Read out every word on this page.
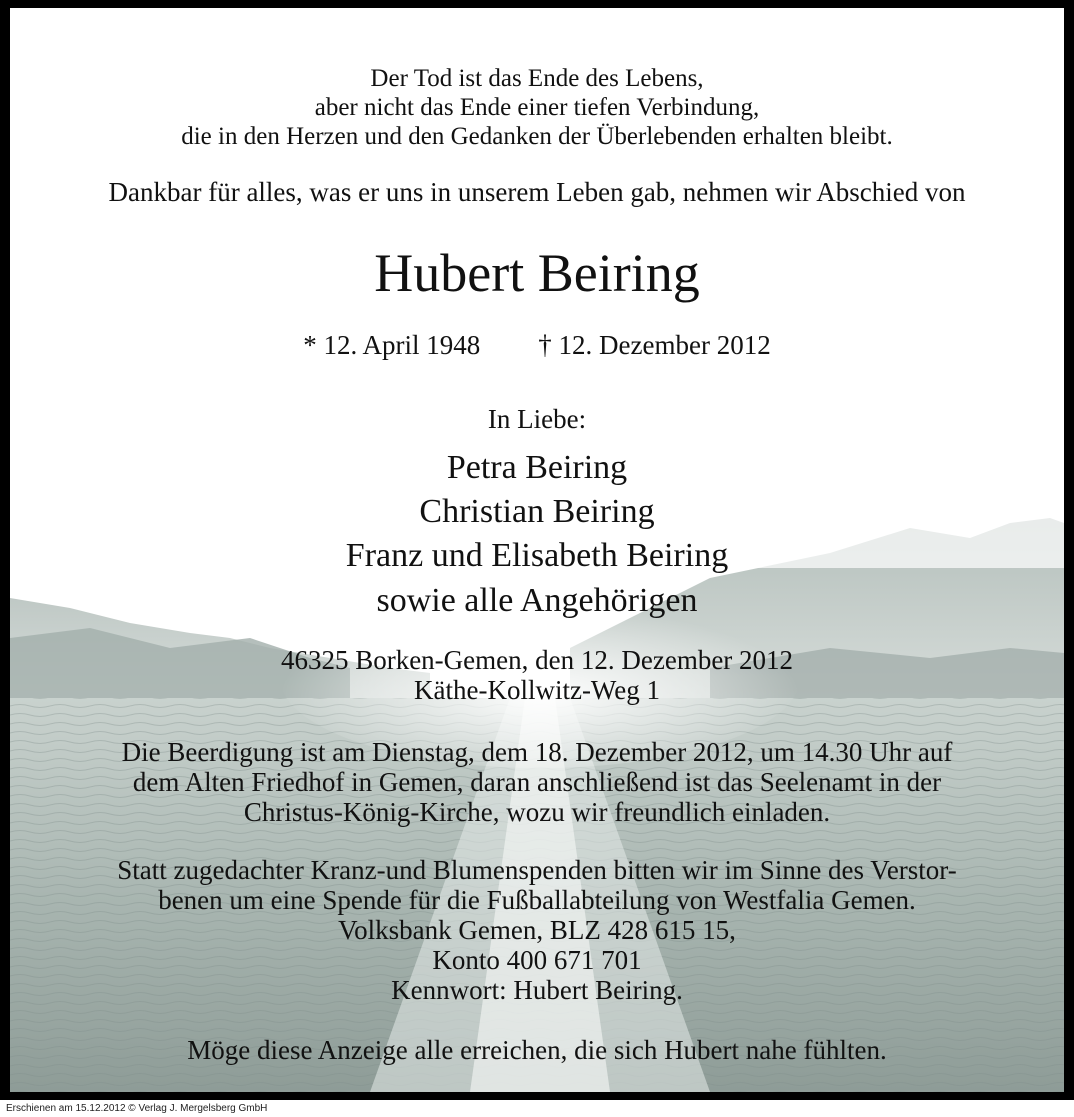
Der Tod ist das Ende des Lebens,
aber nicht das Ende einer tiefen Verbindung,
die in den Herzen und den Gedanken der Überlebenden erhalten bleibt.
Dankbar für alles, was er uns in unserem Leben gab, nehmen wir Abschied von
Hubert Beiring
* 12. April 1948 † 12. Dezember 2012
In Liebe:
Petra Beiring
Christian Beiring
Franz und Elisabeth Beiring
sowie alle Angehörigen
46325 Borken-Gemen, den 12. Dezember 2012
Käthe-Kollwitz-Weg 1
Die Beerdigung ist am Dienstag, dem 18. Dezember 2012, um 14.30 Uhr auf
dem Alten Friedhof in Gemen, daran anschließend ist das Seelenamt in der
Christus-König-Kirche, wozu wir freundlich einladen.
Statt zugedachter Kranz-und Blumenspenden bitten wir im Sinne des Verstor-
benen um eine Spende für die Fußballabteilung von Westfalia Gemen.
Volksbank Gemen, BLZ 428 615 15,
Konto 400 671 701
Kennwort: Hubert Beiring.
Möge diese Anzeige alle erreichen, die sich Hubert nahe fühlten.
Erschienen am 15.12.2012 © Verlag J. Mergelsberg GmbH
